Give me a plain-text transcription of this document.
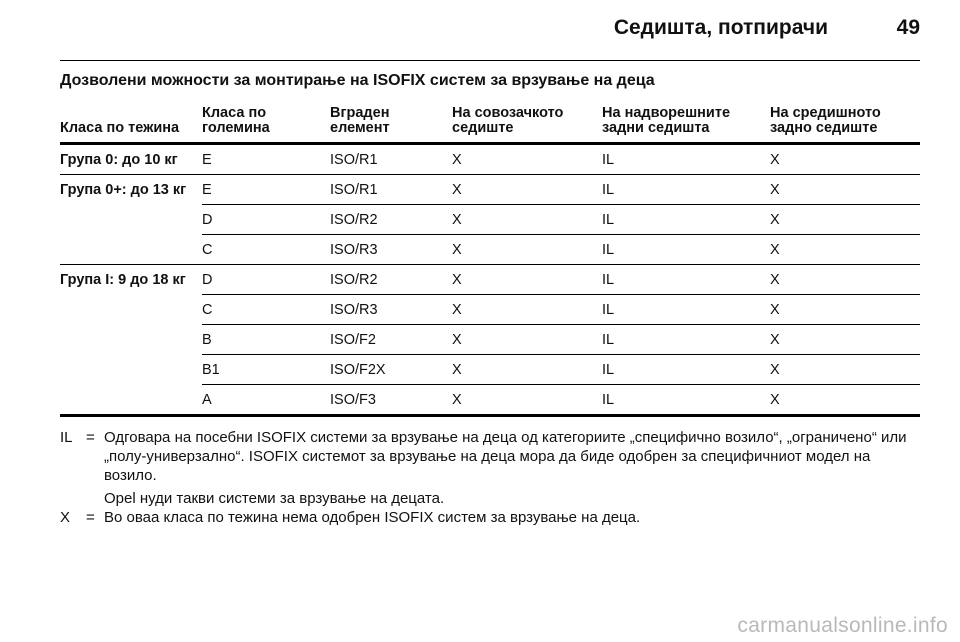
Седишта, потпирачи	49
Дозволени можности за монтирање на ISOFIX систем за врзување на деца
Класа по тежина	Класа по големина	Вграден елемент	На совозачкото седиште	На надворешните задни седишта	На средишното задно седиште
Група 0: до 10 кг	E	ISO/R1	X	IL	X
Група 0+: до 13 кг	E	ISO/R1	X	IL	X
	D	ISO/R2	X	IL	X
	C	ISO/R3	X	IL	X
Група I: 9 до 18 кг	D	ISO/R2	X	IL	X
	C	ISO/R3	X	IL	X
	B	ISO/F2	X	IL	X
	B1	ISO/F2X	X	IL	X
	A	ISO/F3	X	IL	X
IL = Одговара на посебни ISOFIX системи за врзување на деца од категориите „специфично возило“, „ограничено“ или „полу-универзално“. ISOFIX системот за врзување на деца мора да биде одобрен за специфичниот модел на возило.

Opel нуди такви системи за врзување на децата.

X = Во оваа класа по тежина нема одобрен ISOFIX систем за врзување на деца.

carmanualsonline.info
